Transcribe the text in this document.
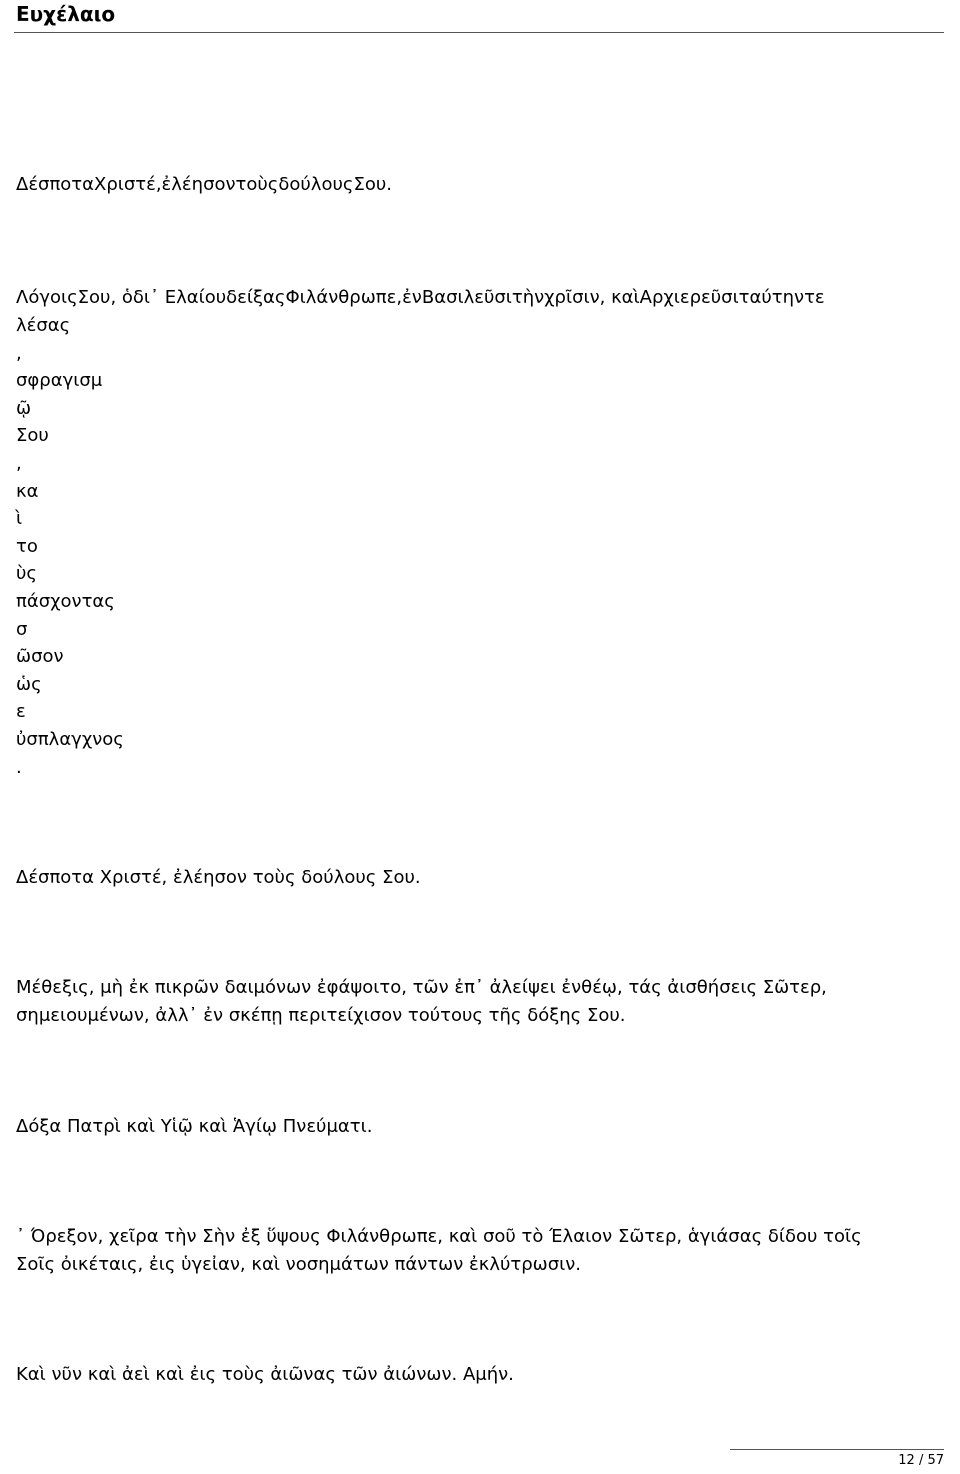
Ευχέλαιο
ΔέσποταΧριστέ,ἐλέησοντοὺςδούλουςΣου.
ΛόγοιςΣου, ὁδι᾽ ΕλαίουδείξαςΦιλάνθρωπε,ἐνΒασιλεῦσιτὴνχρῖσιν, καὶΑρχιερεῦσιταύτηντε
λέσας
,
σφραγισμ
ῷ
Σου
,
κα
ὶ
το
ὺς
πάσχοντας
σ
ῶσον
ὡς
ε
ὐσπλαγχνος
.
Δέσποτα Χριστέ, ἐλέησον τοὺς δούλους Σου.
Μέθεξις, μὴ ἐκ πικρῶν δαιμόνων ἐφάψοιτο, τῶν ἐπ᾽ ἀλείψει ἐνθέῳ, τάς ἀισθήσεις Σῶτερ,
σημειουμένων, ἀλλ᾽ ἐν σκέπῃ περιτείχισον τούτους τῆς δόξης Σου.
Δόξα Πατρὶ καὶ Υἱῷ καὶ Ἁγίῳ Πνεύματι.
᾽ Όρεξον, χεῖρα τὴν Σὴν ἐξ ὕψους Φιλάνθρωπε, καὶ σοῦ τὸ Έλαιον Σῶτερ, ἁγιάσας δίδου τοῖς
Σοῖς ὀικέταις, ἐις ὑγεἰαν, καὶ νοσημάτων πάντων ἐκλύτρωσιν.
Καὶ νῦν καὶ ἀεὶ καὶ ἐις τοὺς ἀιῶνας τῶν ἀιώνων. Αμήν.
12 / 57
